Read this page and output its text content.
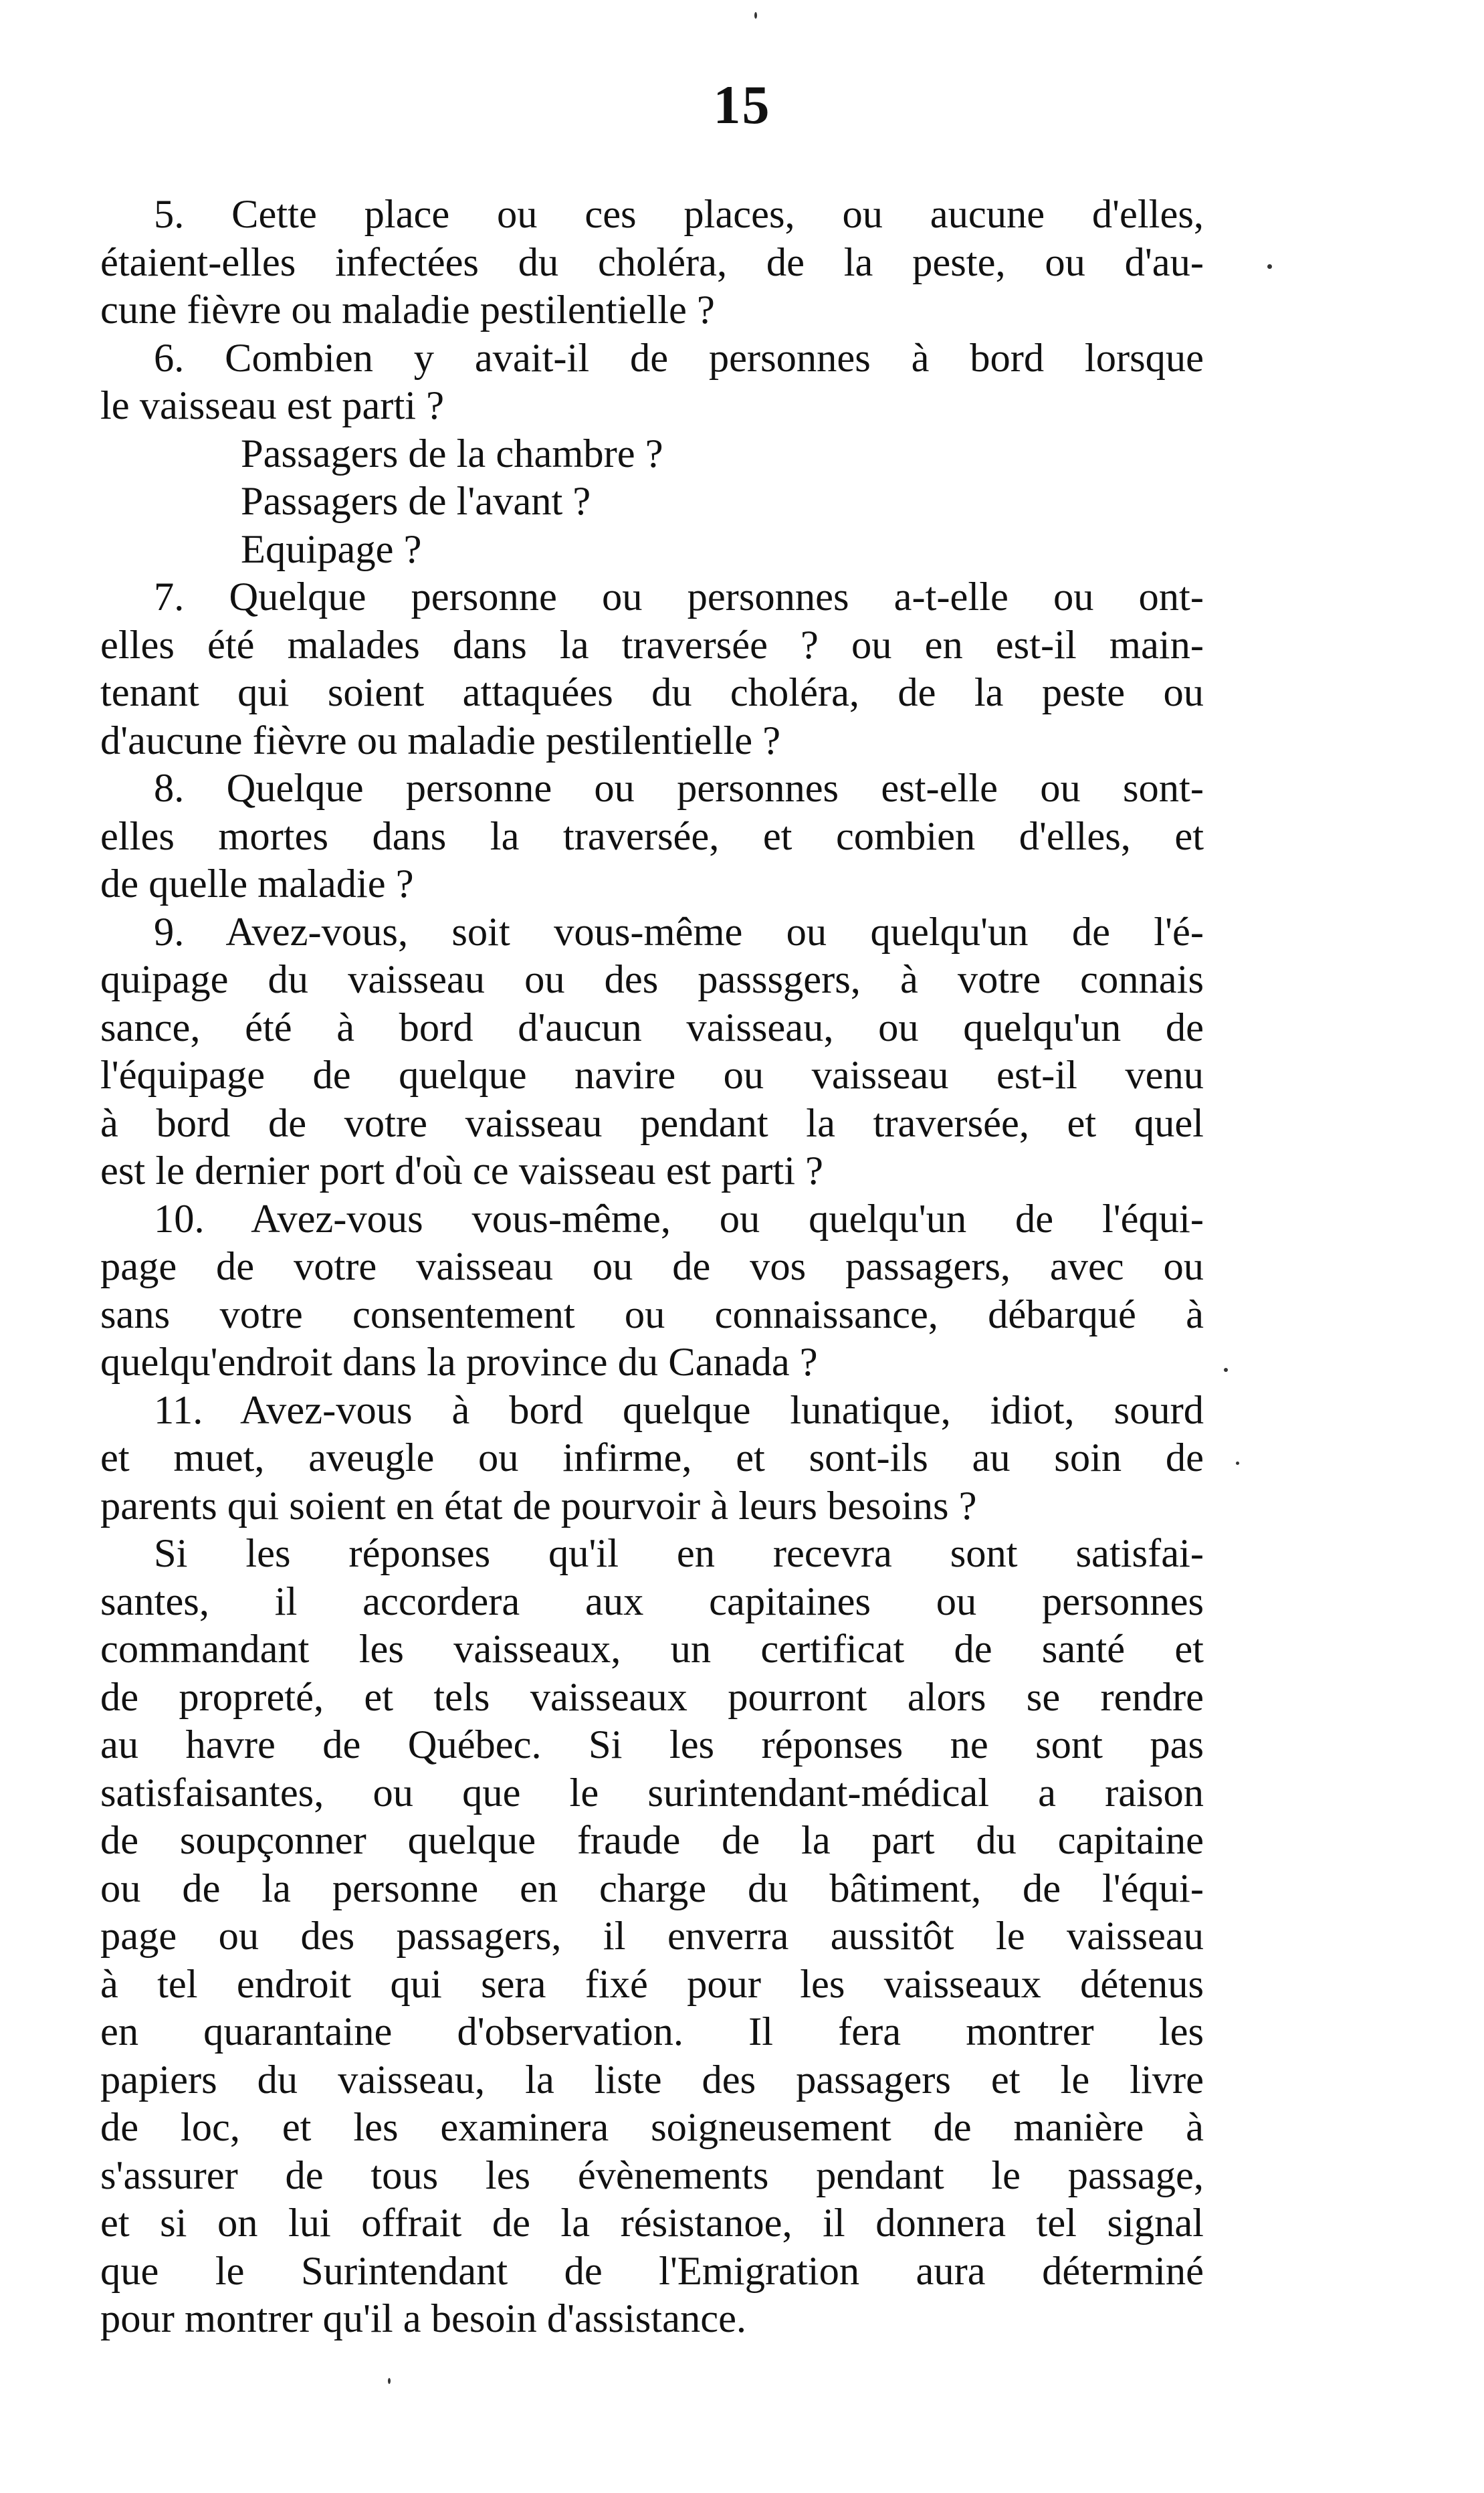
15
5. Cette place ou ces places, ou aucune d'elles,
étaient-elles infectées du choléra, de la peste, ou d'au-
cune fièvre ou maladie pestilentielle ?
6. Combien y avait-il de personnes à bord lorsque
le vaisseau est parti ?
Passagers de la chambre ?
Passagers de l'avant ?
Equipage ?
7. Quelque personne ou personnes a-t-elle ou ont-
elles été malades dans la traversée ? ou en est-il main-
tenant qui soient attaquées du choléra, de la peste ou
d'aucune fièvre ou maladie pestilentielle ?
8. Quelque personne ou personnes est-elle ou sont-
elles mortes dans la traversée, et combien d'elles, et
de quelle maladie ?
9. Avez-vous, soit vous-même ou quelqu'un de l'é-
quipage du vaisseau ou des passsgers, à votre connais
sance, été à bord d'aucun vaisseau, ou quelqu'un de
l'équipage de quelque navire ou vaisseau est-il venu
à bord de votre vaisseau pendant la traversée, et quel
est le dernier port d'où ce vaisseau est parti ?
10. Avez-vous vous-même, ou quelqu'un de l'équi-
page de votre vaisseau ou de vos passagers, avec ou
sans votre consentement ou connaissance, débarqué à
quelqu'endroit dans la province du Canada ?
11. Avez-vous à bord quelque lunatique, idiot, sourd
et muet, aveugle ou infirme, et sont-ils au soin de
parents qui soient en état de pourvoir à leurs besoins ?
Si les réponses qu'il en recevra sont satisfai-
santes, il accordera aux capitaines ou personnes
commandant les vaisseaux, un certificat de santé et
de propreté, et tels vaisseaux pourront alors se rendre
au havre de Québec. Si les réponses ne sont pas
satisfaisantes, ou que le surintendant-médical a raison
de soupçonner quelque fraude de la part du capitaine
ou de la personne en charge du bâtiment, de l'équi-
page ou des passagers, il enverra aussitôt le vaisseau
à tel endroit qui sera fixé pour les vaisseaux détenus
en quarantaine d'observation. Il fera montrer les
papiers du vaisseau, la liste des passagers et le livre
de loc, et les examinera soigneusement de manière à
s'assurer de tous les évènements pendant le passage,
et si on lui offrait de la résistanoe, il donnera tel signal
que le Surintendant de l'Emigration aura déterminé
pour montrer qu'il a besoin d'assistance.
